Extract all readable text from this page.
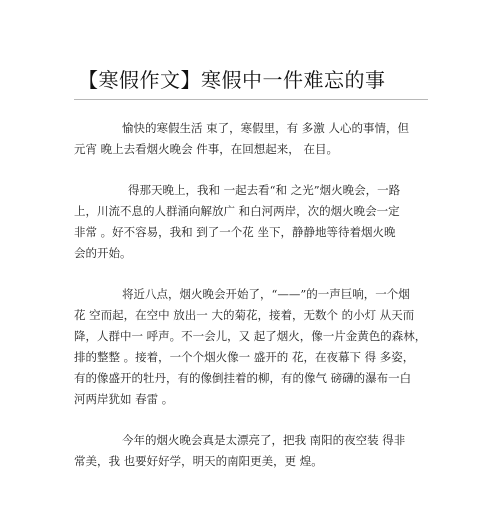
【寒假作文】寒假中一件难忘的事
愉快的寒假生活 束了，寒假里，有 多激 人心的事情，但
元宵 晚上去看烟火晚会 件事，在回想起来， 在目。
得那天晚上，我和 一起去看“和 之光”烟火晚会，一路
上，川流不息的人群涌向解放广 和白河两岸，次的烟火晚会一定
非常 。好不容易，我和 到了一个花 坐下，静静地等待着烟火晚
会的开始。
将近八点，烟火晚会开始了，“——”的一声巨响，一个烟
花 空而起，在空中 放出一 大的菊花，接着，无数个 的小灯 从天而
降，人群中一 呼声。不一会儿，又 起了烟火，像一片金黄色的森林，
排的整整 。接着，一个个烟火像一 盛开的 花，在夜幕下 得 多姿，
有的像盛开的牡丹，有的像倒挂着的柳，有的像气 磅礴的瀑布一白
河两岸犹如 春雷 。
今年的烟火晚会真是太漂亮了，把我 南阳的夜空装 得非
常美，我 也要好好学，明天的南阳更美，更 煌。
